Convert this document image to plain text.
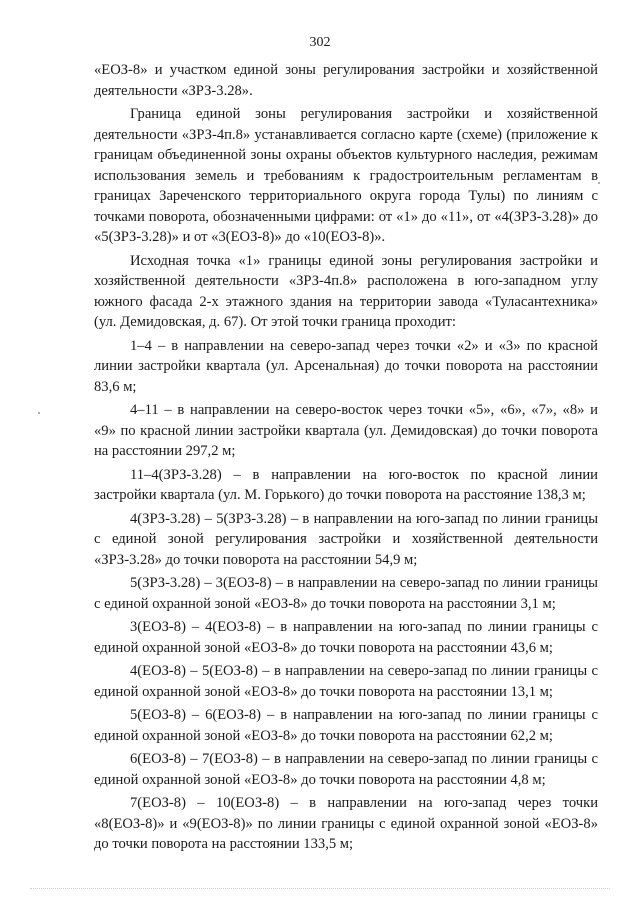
302

«ЕОЗ-8» и участком единой зоны регулирования застройки и хозяйственной деятельности «ЗРЗ-3.28».

Граница единой зоны регулирования застройки и хозяйственной деятельности «ЗРЗ-4п.8» устанавливается согласно карте (схеме) (приложение к границам объединенной зоны охраны объектов культурного наследия, режимам использования земель и требованиям к градостроительным регламентам в границах Зареченского территориального округа города Тулы) по линиям с точками поворота, обозначенными цифрами: от «1» до «11», от «4(ЗРЗ-3.28)» до «5(ЗРЗ-3.28)» и от «3(ЕОЗ-8)» до «10(ЕОЗ-8)».

Исходная точка «1» границы единой зоны регулирования застройки и хозяйственной деятельности «ЗРЗ-4п.8» расположена в юго-западном углу южного фасада 2-х этажного здания на территории завода «Туласантехника» (ул. Демидовская, д. 67). От этой точки граница проходит:

1–4 – в направлении на северо-запад через точки «2» и «3» по красной линии застройки квартала (ул. Арсенальная) до точки поворота на расстоянии 83,6 м;

4–11 – в направлении на северо-восток через точки «5», «6», «7», «8» и «9» по красной линии застройки квартала (ул. Демидовская) до точки поворота на расстоянии 297,2 м;

11–4(ЗРЗ-3.28) – в направлении на юго-восток по красной линии застройки квартала (ул. М. Горького) до точки поворота на расстояние 138,3 м;

4(ЗРЗ-3.28) – 5(ЗРЗ-3.28) – в направлении на юго-запад по линии границы с единой зоной регулирования застройки и хозяйственной деятельности «ЗРЗ-3.28» до точки поворота на расстоянии 54,9 м;

5(ЗРЗ-3.28) – 3(ЕОЗ-8) – в направлении на северо-запад по линии границы с единой охранной зоной «ЕОЗ-8» до точки поворота на расстоянии 3,1 м;

3(ЕОЗ-8) – 4(ЕОЗ-8) – в направлении на юго-запад по линии границы с единой охранной зоной «ЕОЗ-8» до точки поворота на расстоянии 43,6 м;

4(ЕОЗ-8) – 5(ЕОЗ-8) – в направлении на северо-запад по линии границы с единой охранной зоной «ЕОЗ-8» до точки поворота на расстоянии 13,1 м;

5(ЕОЗ-8) – 6(ЕОЗ-8) – в направлении на юго-запад по линии границы с единой охранной зоной «ЕОЗ-8» до точки поворота на расстоянии 62,2 м;

6(ЕОЗ-8) – 7(ЕОЗ-8) – в направлении на северо-запад по линии границы с единой охранной зоной «ЕОЗ-8» до точки поворота на расстоянии 4,8 м;

7(ЕОЗ-8) – 10(ЕОЗ-8) – в направлении на юго-запад через точки «8(ЕОЗ-8)» и «9(ЕОЗ-8)» по линии границы с единой охранной зоной «ЕОЗ-8» до точки поворота на расстоянии 133,5 м;
